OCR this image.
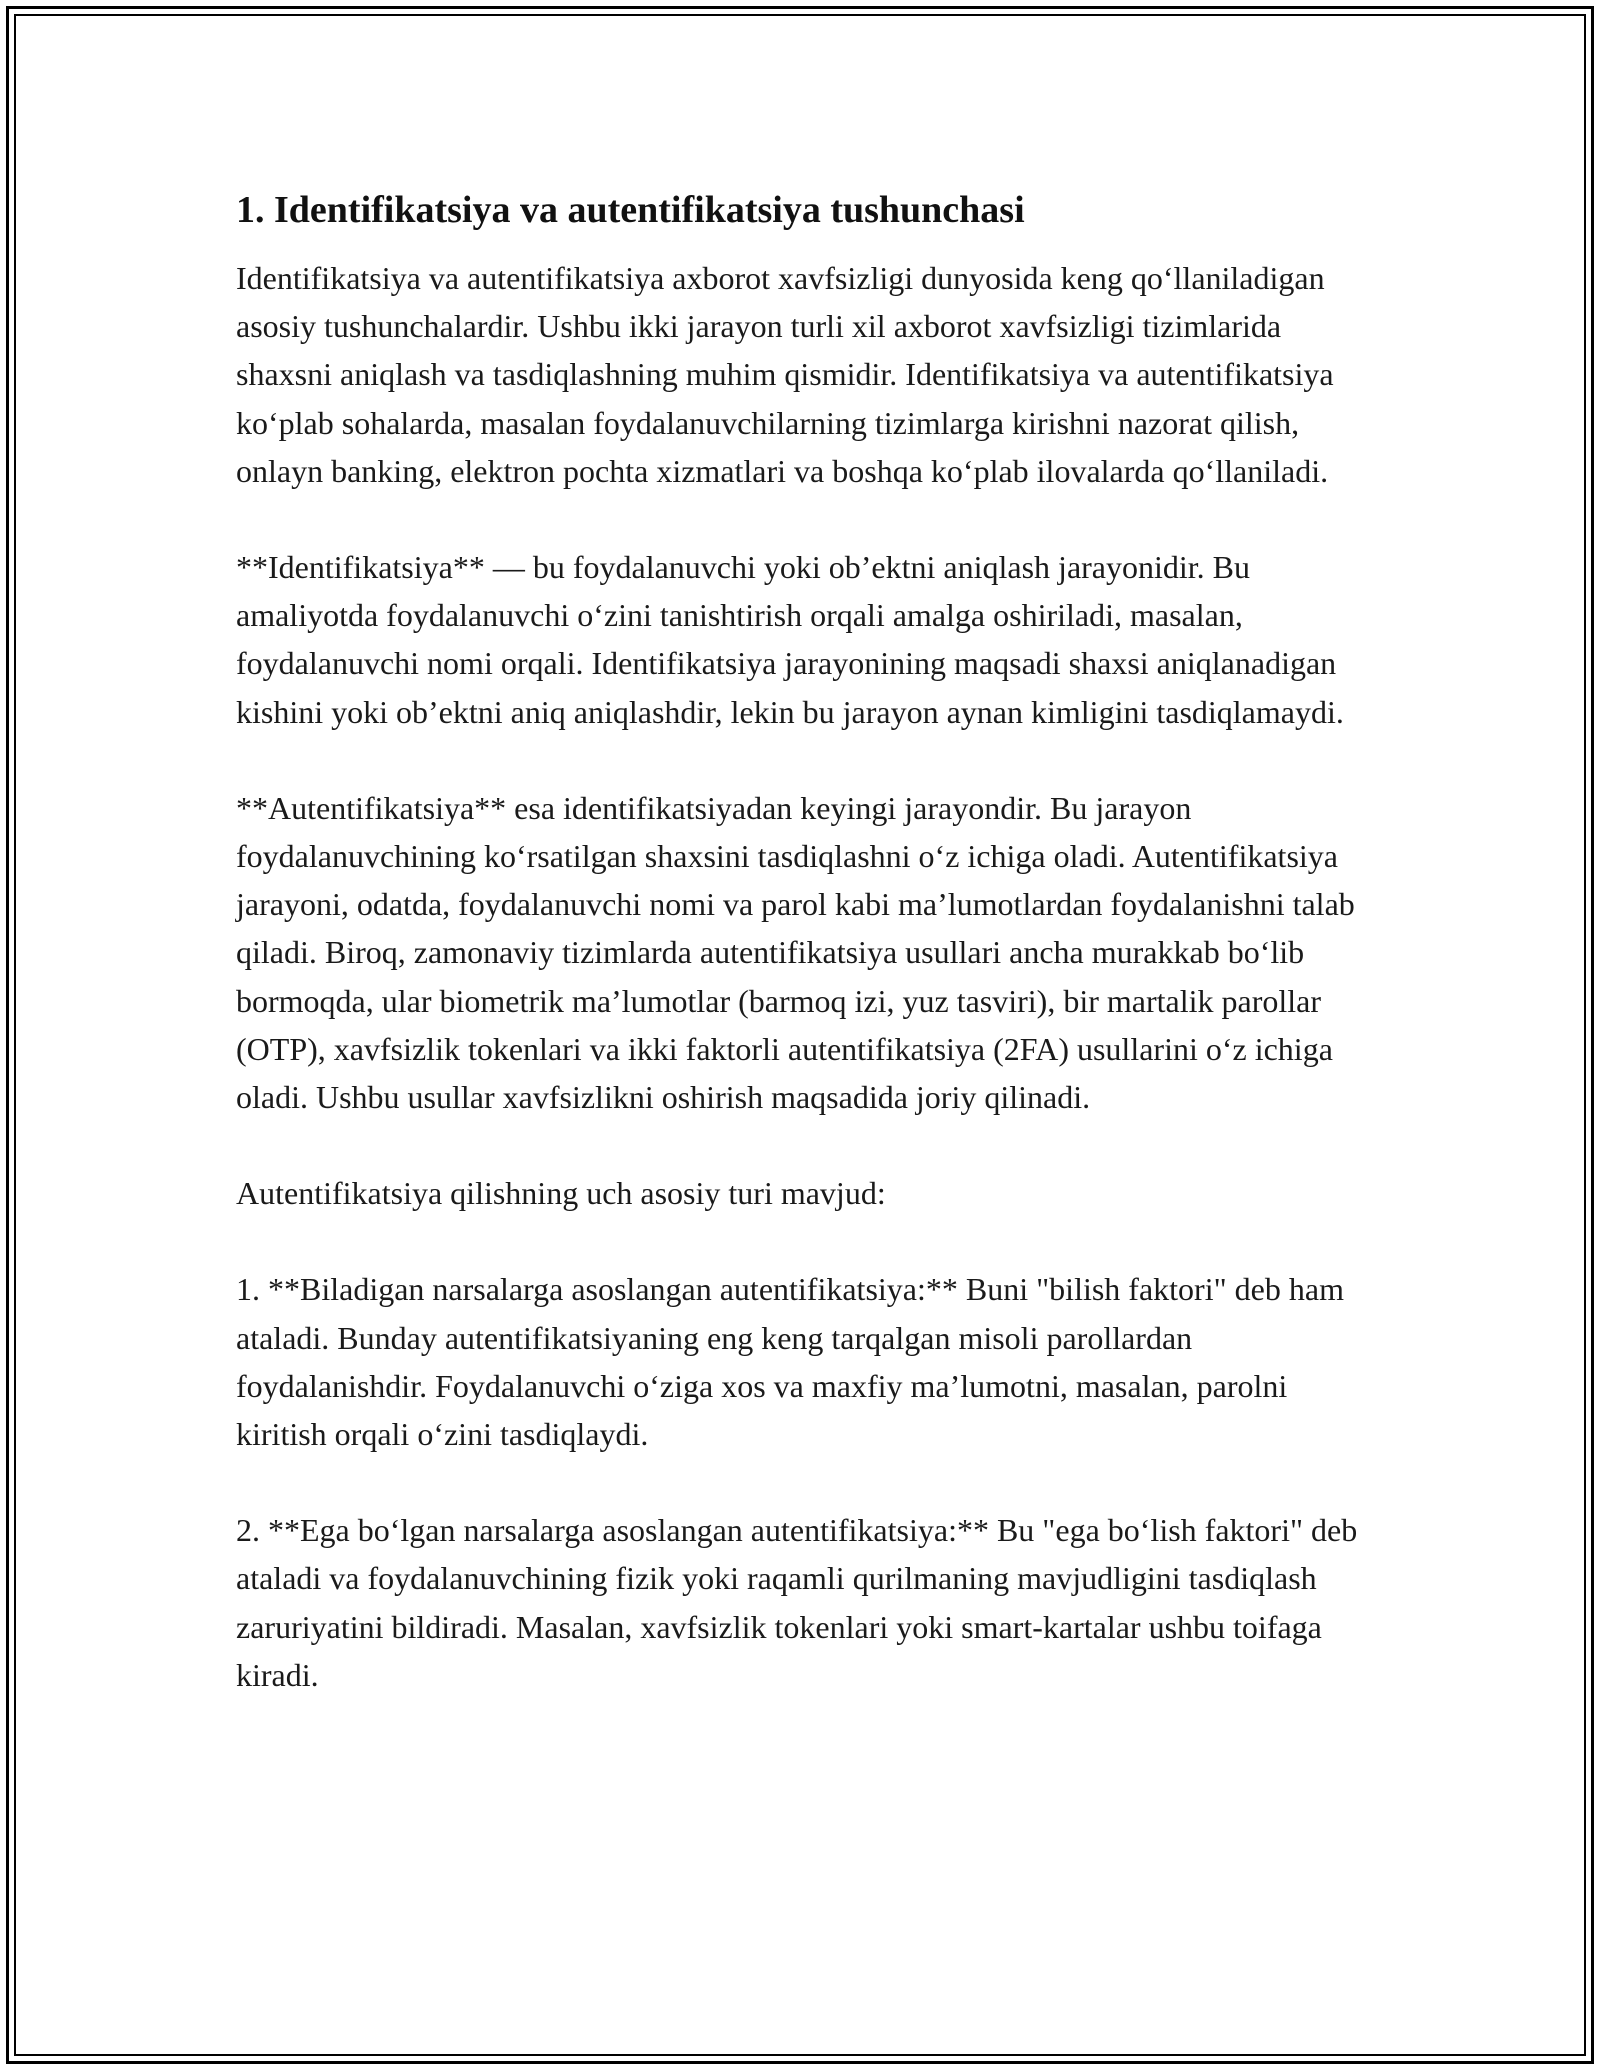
1. Identifikatsiya va autentifikatsiya tushunchasi

Identifikatsiya va autentifikatsiya axborot xavfsizligi dunyosida keng qo‘llaniladigan asosiy tushunchalardir. Ushbu ikki jarayon turli xil axborot xavfsizligi tizimlarida shaxsni aniqlash va tasdiqlashning muhim qismidir. Identifikatsiya va autentifikatsiya ko‘plab sohalarda, masalan foydalanuvchilarning tizimlarga kirishni nazorat qilish, onlayn banking, elektron pochta xizmatlari va boshqa ko‘plab ilovalarda qo‘llaniladi.

**Identifikatsiya** — bu foydalanuvchi yoki ob’ektni aniqlash jarayonidir. Bu amaliyotda foydalanuvchi o‘zini tanishtirish orqali amalga oshiriladi, masalan, foydalanuvchi nomi orqali. Identifikatsiya jarayonining maqsadi shaxsi aniqlanadigan kishini yoki ob’ektni aniq aniqlashdir, lekin bu jarayon aynan kimligini tasdiqlamaydi.

**Autentifikatsiya** esa identifikatsiyadan keyingi jarayondir. Bu jarayon foydalanuvchining ko‘rsatilgan shaxsini tasdiqlashni o‘z ichiga oladi. Autentifikatsiya jarayoni, odatda, foydalanuvchi nomi va parol kabi ma’lumotlardan foydalanishni talab qiladi. Biroq, zamonaviy tizimlarda autentifikatsiya usullari ancha murakkab bo‘lib bormoqda, ular biometrik ma’lumotlar (barmoq izi, yuz tasviri), bir martalik parollar (OTP), xavfsizlik tokenlari va ikki faktorli autentifikatsiya (2FA) usullarini o‘z ichiga oladi. Ushbu usullar xavfsizlikni oshirish maqsadida joriy qilinadi.

Autentifikatsiya qilishning uch asosiy turi mavjud:

1. **Biladigan narsalarga asoslangan autentifikatsiya:** Buni "bilish faktori" deb ham ataladi. Bunday autentifikatsiyaning eng keng tarqalgan misoli parollardan foydalanishdir. Foydalanuvchi o‘ziga xos va maxfiy ma’lumotni, masalan, parolni kiritish orqali o‘zini tasdiqlaydi.

2. **Ega bo‘lgan narsalarga asoslangan autentifikatsiya:** Bu "ega bo‘lish faktori" deb ataladi va foydalanuvchining fizik yoki raqamli qurilmaning mavjudligini tasdiqlash zaruriyatini bildiradi. Masalan, xavfsizlik tokenlari yoki smart-kartalar ushbu toifaga kiradi.
